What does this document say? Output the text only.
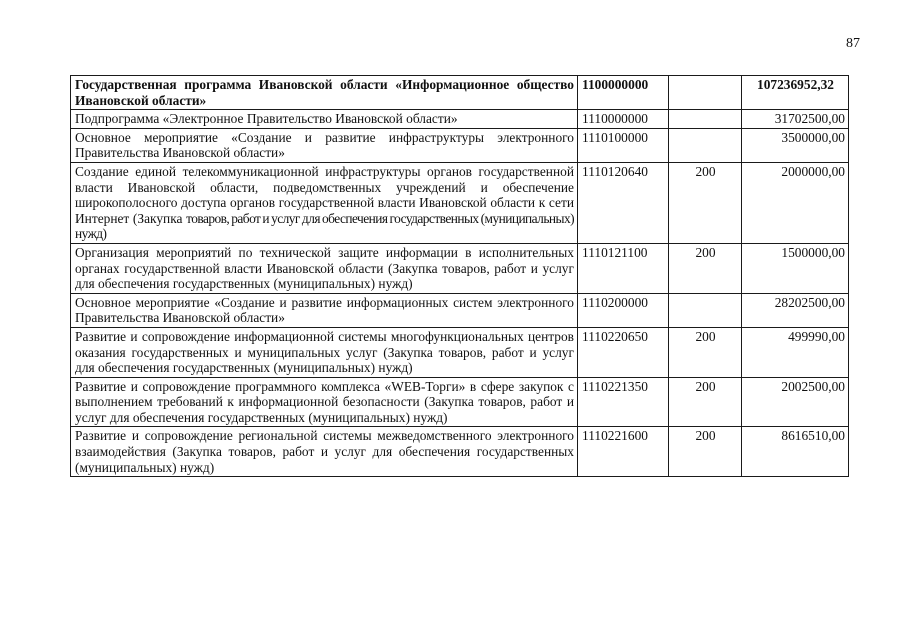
87
Государственная программа Ивановской области «Информационное общество Ивановской области»	1100000000		107236952,32
Подпрограмма «Электронное Правительство Ивановской области»	1110000000		31702500,00
Основное мероприятие «Создание и развитие инфраструктуры электронного Правительства Ивановской области»	1110100000		3500000,00
Создание единой телекоммуникационной инфраструктуры органов государственной власти Ивановской области, подведомственных учреждений и обеспечение широкополосного доступа органов государственной власти Ивановской области к сети Интернет (Закупка товаров, работ и услуг для обеспечения государственных (муниципальных) нужд)	1110120640	200	2000000,00
Организация мероприятий по технической защите информации в исполнительных органах государственной власти Ивановской области (Закупка товаров, работ и услуг для обеспечения государственных (муниципальных) нужд)	1110121100	200	1500000,00
Основное мероприятие «Создание и развитие информационных систем электронного Правительства Ивановской области»	1110200000		28202500,00
Развитие и сопровождение информационной системы многофункциональных центров оказания государственных и муниципальных услуг (Закупка товаров, работ и услуг для обеспечения государственных (муниципальных) нужд)	1110220650	200	499990,00
Развитие и сопровождение программного комплекса «WEB-Торги» в сфере закупок с выполнением требований к информационной безопасности (Закупка товаров, работ и услуг для обеспечения государственных (муниципальных) нужд)	1110221350	200	2002500,00
Развитие и сопровождение региональной системы межведомственного электронного взаимодействия (Закупка товаров, работ и услуг для обеспечения государственных (муниципальных) нужд)	1110221600	200	8616510,00
